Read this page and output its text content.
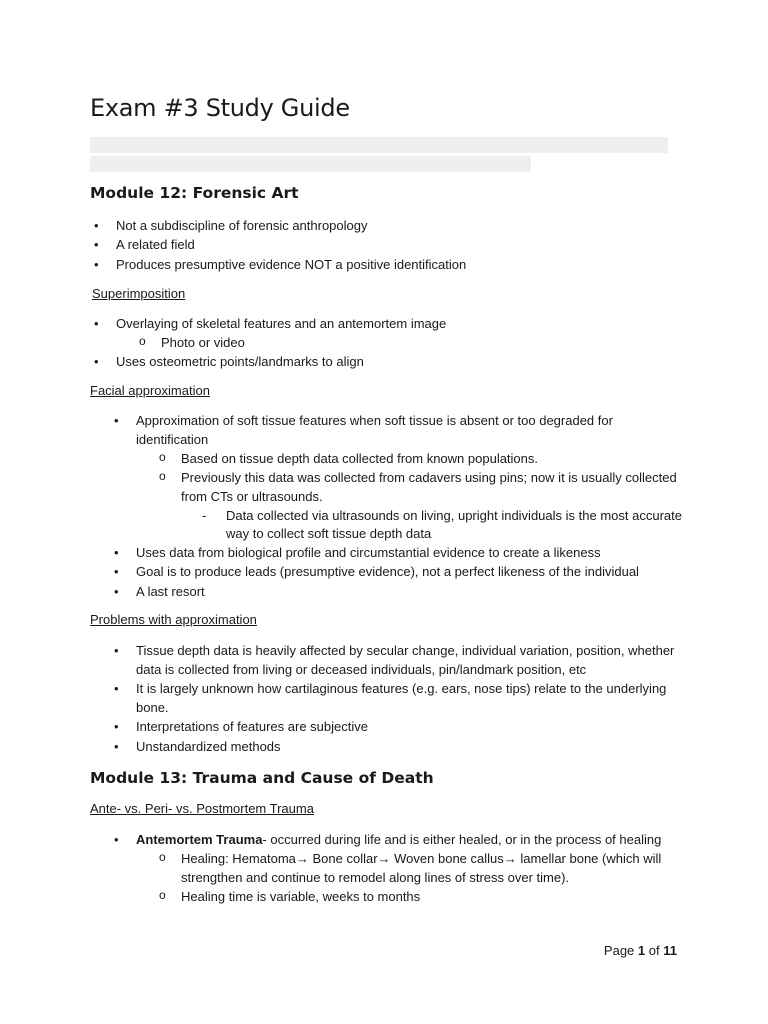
Exam #3 Study Guide
Module 12: Forensic Art
• Not a subdiscipline of forensic anthropology
• A related field
• Produces presumptive evidence NOT a positive identification
Superimposition
• Overlaying of skeletal features and an antemortem image
o Photo or video
• Uses osteometric points/landmarks to align
Facial approximation
• Approximation of soft tissue features when soft tissue is absent or too degraded for
identification
o Based on tissue depth data collected from known populations.
o Previously this data was collected from cadavers using pins; now it is usually collected
from CTs or ultrasounds.
- Data collected via ultrasounds on living, upright individuals is the most accurate
way to collect soft tissue depth data
• Uses data from biological profile and circumstantial evidence to create a likeness
• Goal is to produce leads (presumptive evidence), not a perfect likeness of the individual
• A last resort
Problems with approximation
• Tissue depth data is heavily affected by secular change, individual variation, position, whether
data is collected from living or deceased individuals, pin/landmark position, etc
• It is largely unknown how cartilaginous features (e.g. ears, nose tips) relate to the underlying
bone.
• Interpretations of features are subjective
• Unstandardized methods
Module 13: Trauma and Cause of Death
Ante- vs. Peri- vs. Postmortem Trauma
• Antemortem Trauma- occurred during life and is either healed, or in the process of healing
o Healing: Hematoma→ Bone collar→ Woven bone callus→ lamellar bone (which will
strengthen and continue to remodel along lines of stress over time).
o Healing time is variable, weeks to months
Page 1 of 11
